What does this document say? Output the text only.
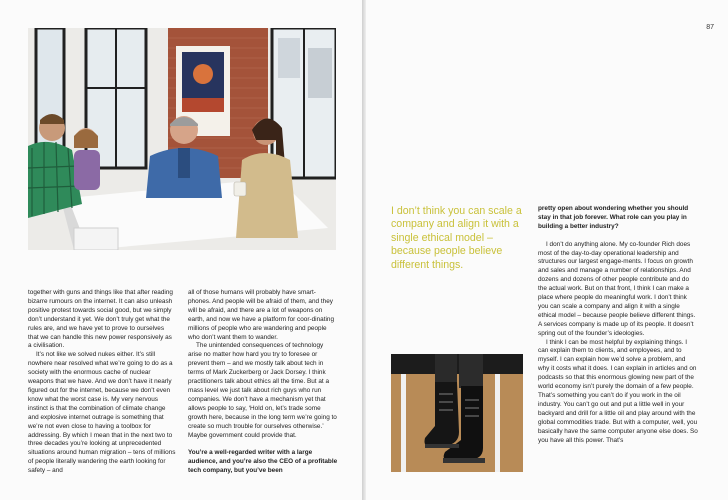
together with guns and things like that after reading bizarre rumours on the internet. It can also unleash positive protest towards social good, but we simply don’t understand it yet. We don’t truly get what the rules are, and we have yet to prove to ourselves that we can handle this new power responsively as a civilisation.

It’s not like we solved nukes either. It’s still nowhere near resolved what we’re going to do as a society with the enormous cache of nuclear weapons that we have. And we don’t have it nearly figured out for the internet, because we don’t even know what the worst case is. My very nervous instinct is that the combination of climate change and explosive internet outrage is something that we’re not even close to having a toolbox for addressing. By which I mean that in the next two to three decades you’re looking at unprecedented situations around human migration – tens of millions of people literally wandering the earth looking for safety – and

all of those humans will probably have smart-phones. And people will be afraid of them, and they will be afraid, and there are a lot of weapons on earth, and now we have a platform for coor-dinating millions of people who are wandering and people who don’t want them to wander.

The unintended consequences of technology arise no matter how hard you try to foresee or prevent them – and we mostly talk about tech in terms of Mark Zuckerberg or Jack Dorsey. I think practitioners talk about ethics all the time. But at a mass level we just talk about rich guys who run companies. We don’t have a mechanism yet that allows people to say, ‘Hold on, let’s trade some growth here, because in the long term we’re going to create so much trouble for ourselves otherwise.’ Maybe government could provide that.

You’re a well-regarded writer with a large audience, and you’re also the CEO of a profitable tech company, but you’ve been

87
I don’t think you can scale a company and align it with a single ethical model – because people believe different things.

pretty open about wondering whether you should stay in that job forever. What role can you play in building a better industry?

I don’t do anything alone. My co-founder Rich does most of the day-to-day operational leadership and structures our largest engage-ments. I focus on growth and sales and manage a number of relationships. And dozens and dozens of other people contribute and do the actual work. But on that front, I think I can make a place where people do meaningful work. I don’t think you can scale a company and align it with a single ethical model – because people believe different things. A services company is made up of its people. It doesn’t spring out of the founder’s ideologies.

I think I can be most helpful by explaining things. I can explain them to clients, and employees, and to myself. I can explain how we’d solve a problem, and why it costs what it does. I can explain in articles and on podcasts so that this enormous glowing new part of the world economy isn’t purely the domain of a few people. That’s something you can’t do if you work in the oil industry. You can’t go out and put a little well in your backyard and drill for a little oil and play around with the global commodities trade. But with a computer, well, you basically have the same computer anyone else does. So you have all this power. That’s
